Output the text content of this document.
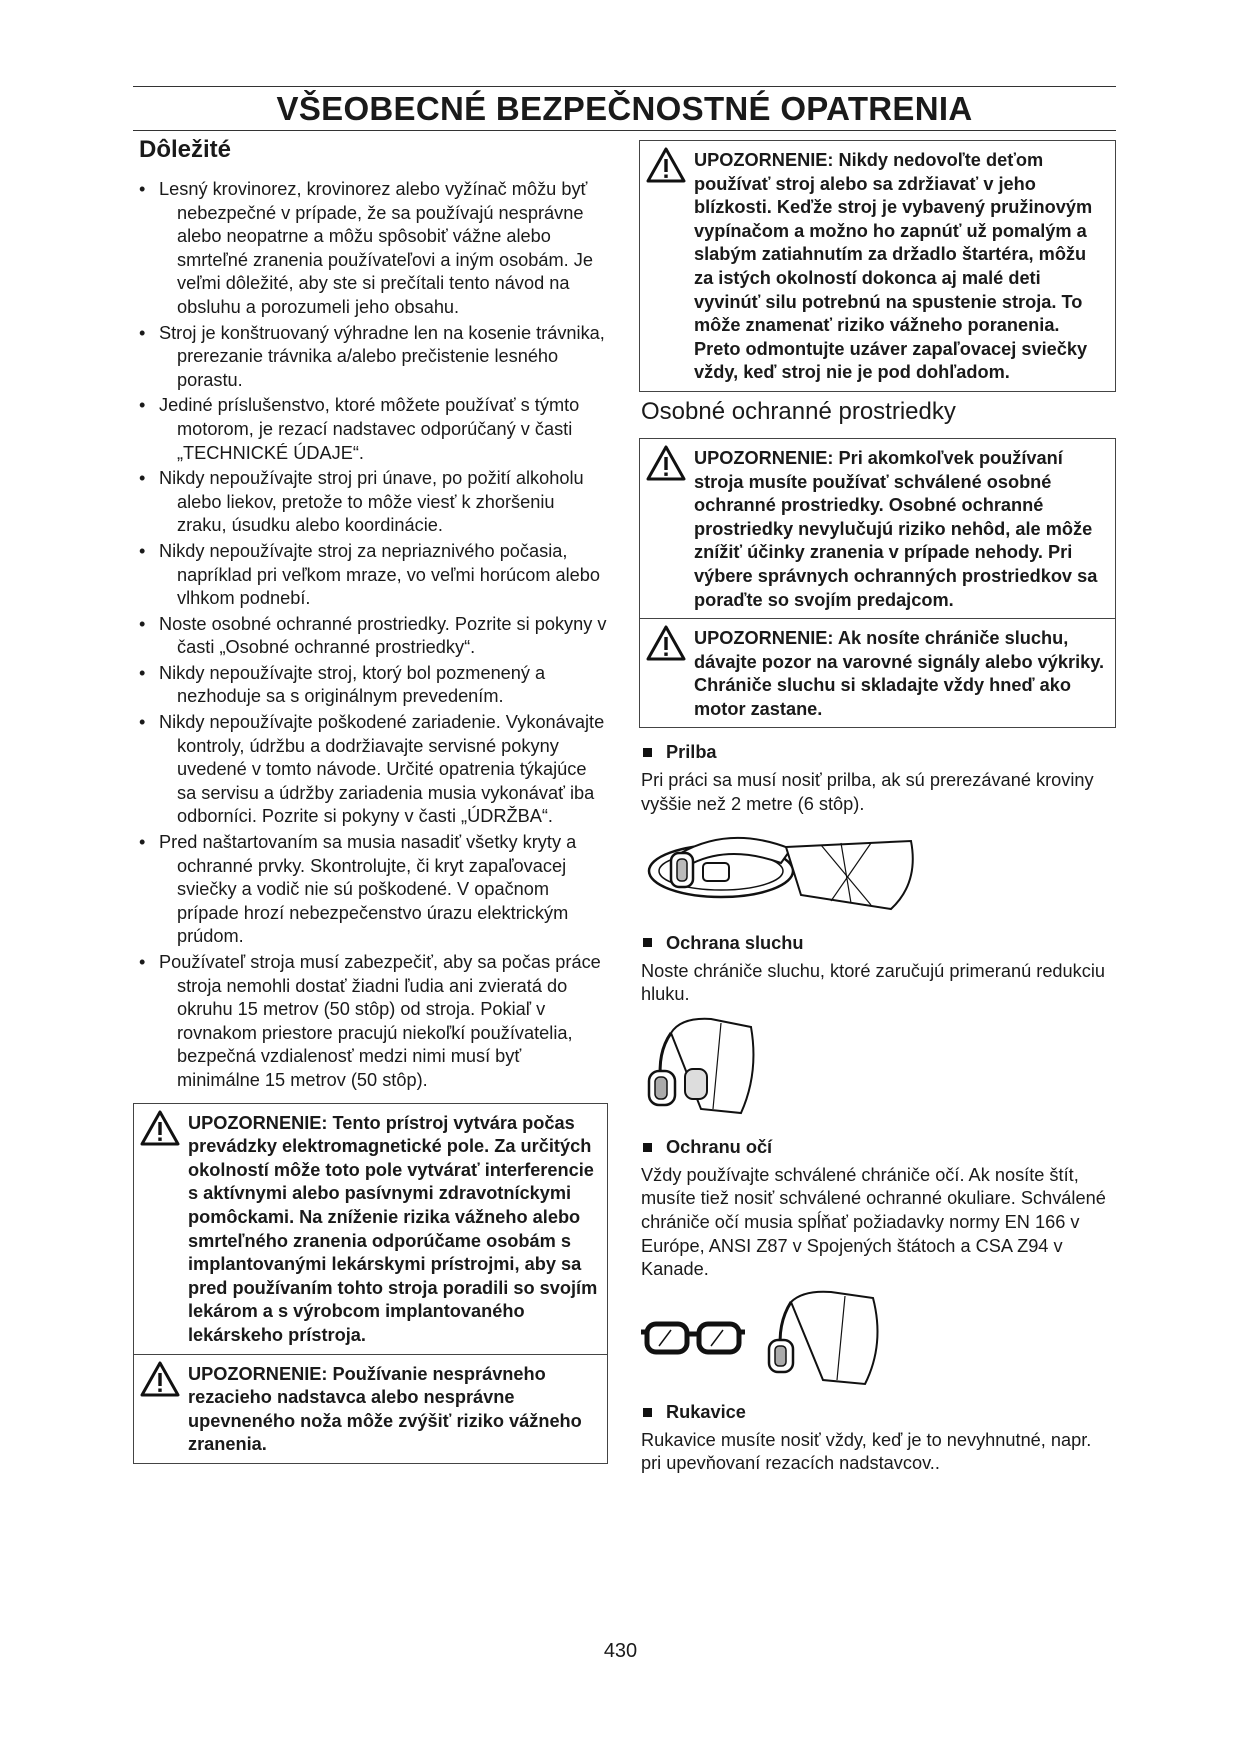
VŠEOBECNÉ BEZPEČNOSTNÉ OPATRENIA
Dôležité
• Lesný krovinorez, krovinorez alebo vyžínač môžu byť nebezpečné v prípade, že sa používajú nesprávne alebo neopatrne a môžu spôsobiť vážne alebo smrteľné zranenia používateľovi a iným osobám. Je veľmi dôležité, aby ste si prečítali tento návod na obsluhu a porozumeli jeho obsahu.
• Stroj je konštruovaný výhradne len na kosenie trávnika, prerezanie trávnika a/alebo prečistenie lesného porastu.
• Jediné príslušenstvo, ktoré môžete používať s týmto motorom, je rezací nadstavec odporúčaný v časti „TECHNICKÉ ÚDAJE“.
• Nikdy nepoužívajte stroj pri únave, po požití alkoholu alebo liekov, pretože to môže viesť k zhoršeniu zraku, úsudku alebo koordinácie.
• Nikdy nepoužívajte stroj za nepriaznivého počasia, napríklad pri veľkom mraze, vo veľmi horúcom alebo vlhkom podnebí.
• Noste osobné ochranné prostriedky. Pozrite si pokyny v časti „Osobné ochranné prostriedky“.
• Nikdy nepoužívajte stroj, ktorý bol pozmenený a nezhoduje sa s originálnym prevedením.
• Nikdy nepoužívajte poškodené zariadenie. Vykonávajte kontroly, údržbu a dodržiavajte servisné pokyny uvedené v tomto návode. Určité opatrenia týkajúce sa servisu a údržby zariadenia musia vykonávať iba odborníci. Pozrite si pokyny v časti „ÚDRŽBA“.
• Pred naštartovaním sa musia nasadiť všetky kryty a ochranné prvky. Skontrolujte, či kryt zapaľovacej sviečky a vodič nie sú poškodené. V opačnom prípade hrozí nebezpečenstvo úrazu elektrickým prúdom.
• Používateľ stroja musí zabezpečiť, aby sa počas práce stroja nemohli dostať žiadni ľudia ani zvieratá do okruhu 15 metrov (50 stôp) od stroja. Pokiaľ v rovnakom priestore pracujú niekoľkí používatelia, bezpečná vzdialenosť medzi nimi musí byť minimálne 15 metrov (50 stôp).
UPOZORNENIE: Tento prístroj vytvára počas prevádzky elektromagnetické pole. Za určitých okolností môže toto pole vytvárať interferencie s aktívnymi alebo pasívnymi zdravotníckymi pomôckami. Na zníženie rizika vážneho alebo smrteľného zranenia odporúčame osobám s implantovanými lekárskymi prístrojmi, aby sa pred používaním tohto stroja poradili so svojím lekárom a s výrobcom implantovaného lekárskeho prístroja.
UPOZORNENIE: Používanie nesprávneho rezacieho nadstavca alebo nesprávne upevneného noža môže zvýšiť riziko vážneho zranenia.
UPOZORNENIE: Nikdy nedovoľte deťom používať stroj alebo sa zdržiavať v jeho blízkosti. Keďže stroj je vybavený pružinovým vypínačom a možno ho zapnúť už pomalým a slabým zatiahnutím za držadlo štartéra, môžu za istých okolností dokonca aj malé deti vyvinúť silu potrebnú na spustenie stroja. To môže znamenať riziko vážneho poranenia. Preto odmontujte uzáver zapaľovacej sviečky vždy, keď stroj nie je pod dohľadom.
Osobné ochranné prostriedky
UPOZORNENIE: Pri akomkoľvek používaní stroja musíte používať schválené osobné ochranné prostriedky. Osobné ochranné prostriedky nevylučujú riziko nehôd, ale môže znížiť účinky zranenia v prípade nehody. Pri výbere správnych ochranných prostriedkov sa poraďte so svojím predajcom.
UPOZORNENIE: Ak nosíte chrániče sluchu, dávajte pozor na varovné signály alebo výkriky. Chrániče sluchu si skladajte vždy hneď ako motor zastane.
Prilba

Pri práci sa musí nosiť prilba, ak sú prerezávané kroviny vyššie než 2 metre (6 stôp).

Ochrana sluchu

Noste chrániče sluchu, ktoré zaručujú primeranú redukciu hluku.

Ochranu očí

Vždy používajte schválené chrániče očí. Ak nosíte štít, musíte tiež nosiť schválené ochranné okuliare. Schválené chrániče očí musia spĺňať požiadavky normy EN 166 v Európe, ANSI Z87 v Spojených štátoch a CSA Z94 v Kanade.

Rukavice

Rukavice musíte nosiť vždy, keď je to nevyhnutné, napr. pri upevňovaní rezacích nadstavcov..

430
